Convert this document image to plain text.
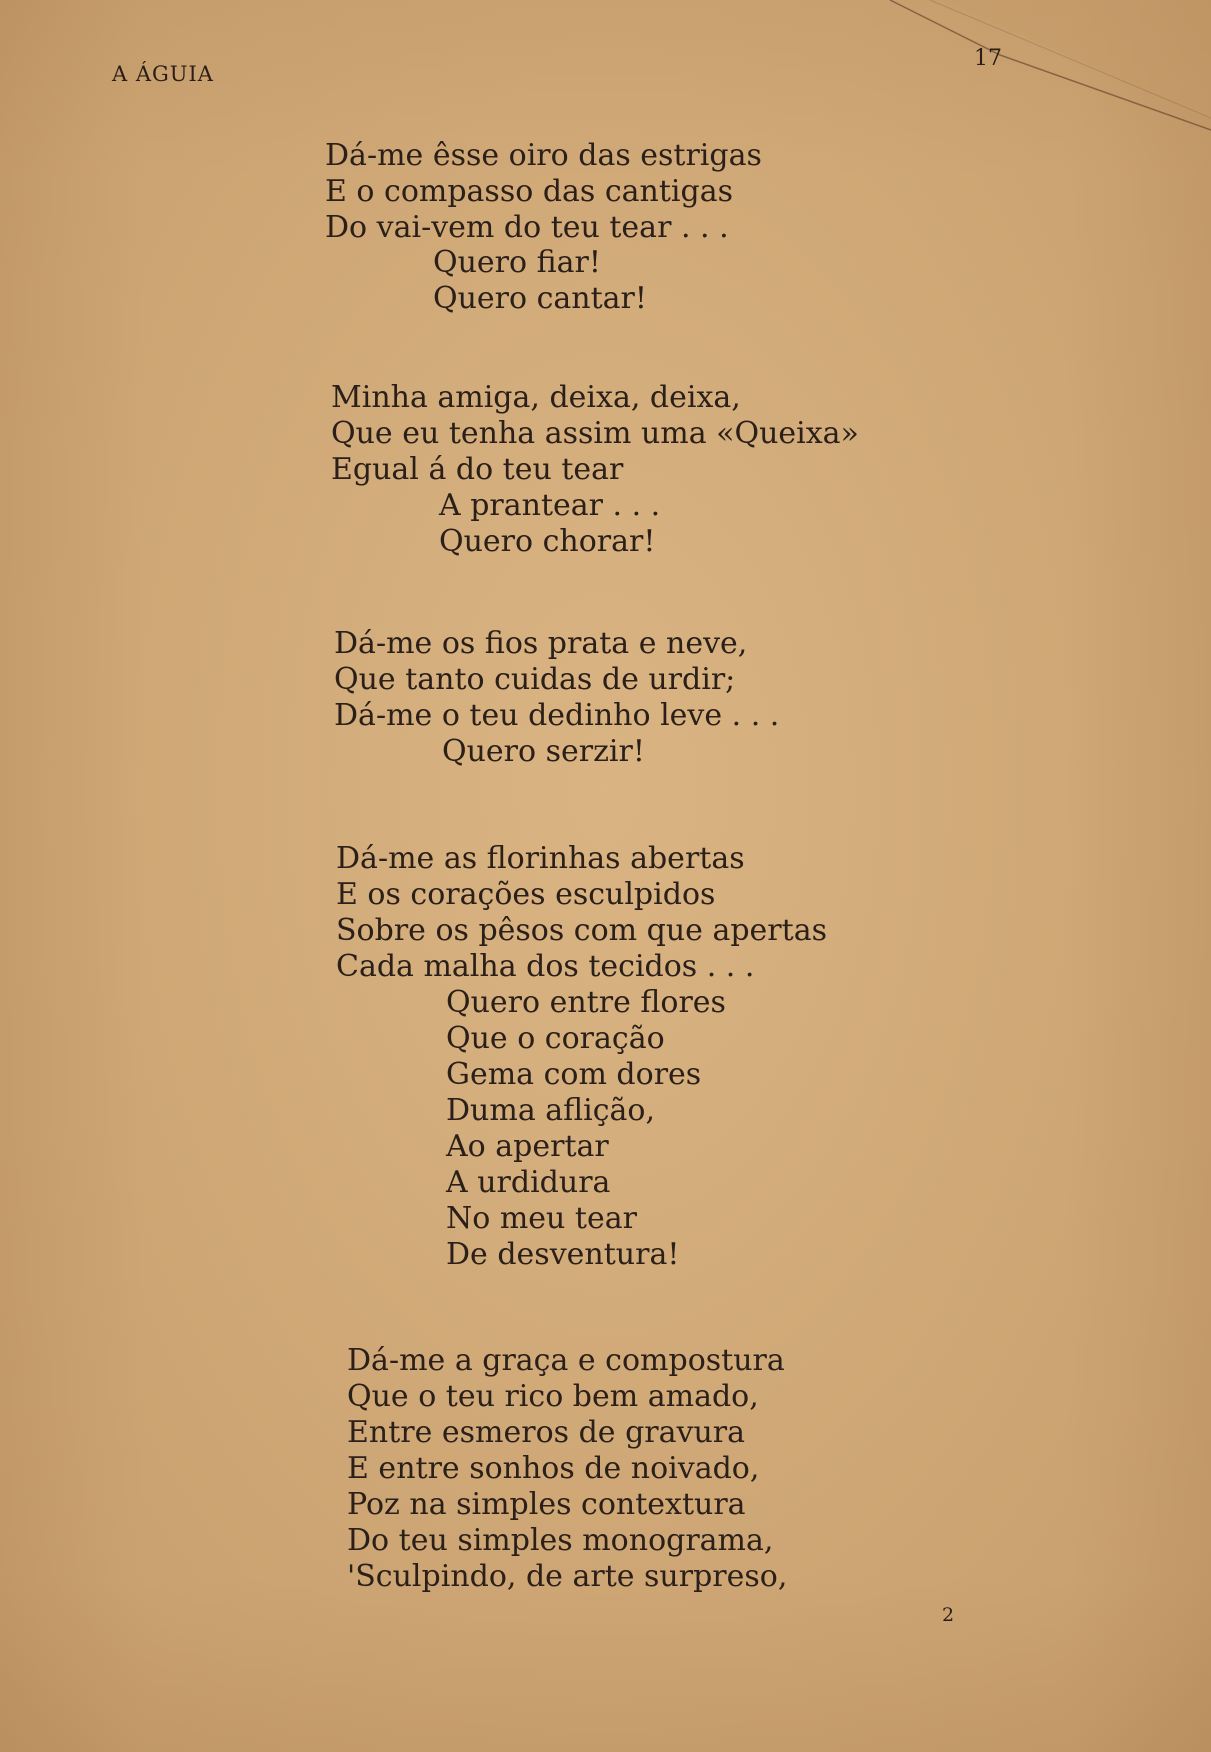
A ÁGUIA
17
Dá-me êsse oiro das estrigas
E o compasso das cantigas
Do vai-vem do teu tear . . .
Quero fiar!
Quero cantar!
Minha amiga, deixa, deixa,
Que eu tenha assim uma «Queixa»
Egual á do teu tear
A prantear . . .
Quero chorar!
Dá-me os fios prata e neve,
Que tanto cuidas de urdir;
Dá-me o teu dedinho leve . . .
Quero serzir!
Dá-me as florinhas abertas
E os corações esculpidos
Sobre os pêsos com que apertas
Cada malha dos tecidos . . .
Quero entre flores
Que o coração
Gema com dores
Duma aflição,
Ao apertar
A urdidura
No meu tear
De desventura!
Dá-me a graça e compostura
Que o teu rico bem amado,
Entre esmeros de gravura
E entre sonhos de noivado,
Poz na simples contextura
Do teu simples monograma,
'Sculpindo, de arte surpreso,
2
